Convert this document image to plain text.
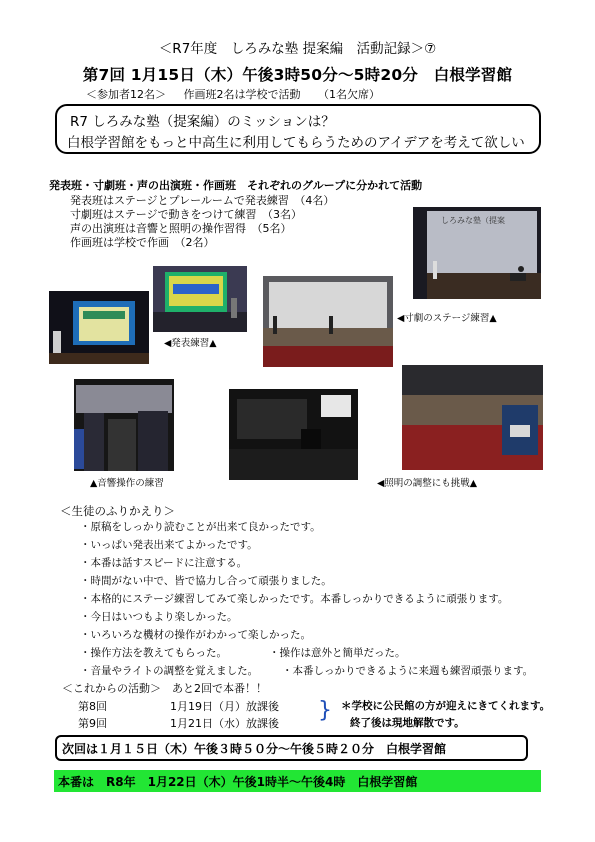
＜R7年度　しろみな塾 提案編　活動記録＞⑦
第7回 1月15日（木）午後3時50分～5時20分　白根学習館
＜参加者12名＞ 作画班2名は学校で活動 （1名欠席）
R7 しろみな塾（提案編）のミッションは？
白根学習館をもっと中高生に利用してもらうためのアイデアを考えて欲しい
発表班・寸劇班・声の出演班・作画班　それぞれのグループに分かれて活動
発表班はステージとプレールームで発表練習　（4名）
寸劇班はステージで動きをつけて練習　（3名）
声の出演班は音響と照明の操作習得　（5名）
作画班は学校で作画　（2名）
しろみな塾（提案
◀発表練習▲
◀寸劇のステージ練習▲
▲音響操作の練習	◀照明の調整にも挑戦▲
＜生徒のふりかえり＞
・原稿をしっかり読むことが出来て良かったです。
・いっぱい発表出来てよかったです。
・本番は話すスピードに注意する。
・時間がない中で、皆で協力し合って頑張りました。
・本格的にステージ練習してみて楽しかったです。本番しっかりできるように頑張ります。
・今日はいつもより楽しかった。
・いろいろな機材の操作がわかって楽しかった。
・操作方法を教えてもらった。	・操作は意外と簡単だった。
・音量やライトの調整を覚えました。 ・本番しっかりできるように来週も練習頑張ります。
＜これからの活動＞　あと2回で本番！！
第8回	1月19日（月）放課後
第9回	1月21日（水）放課後
} ＊学校に公民館の方が迎えにきてくれます。
終了後は現地解散です。
次回は１月１５日（木）午後３時５０分～午後５時２０分　白根学習館
本番は　R8年　1月22日（木）午後1時半～午後4時　白根学習館
